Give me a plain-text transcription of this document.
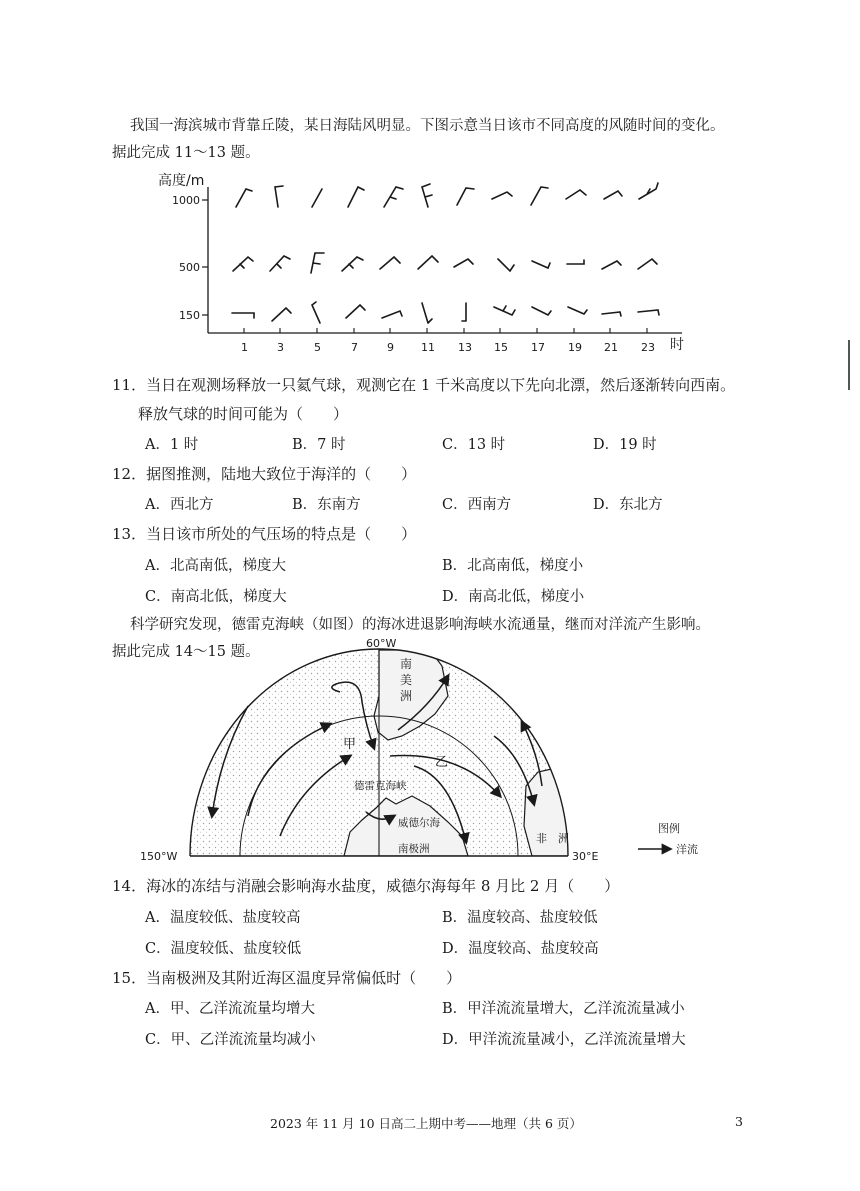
我国一海滨城市背靠丘陵，某日海陆风明显。下图示意当日该市不同高度的风随时间的变化。
据此完成 11～13 题。
高度/m
1000
500
150
1	3	5	7	9 11 13 15 17 19 21 23 时
11．当日在观测场释放一只氦气球，观测它在 1 千米高度以下先向北漂，然后逐渐转向西南。
释放气球的时间可能为（　　）
A．1 时	B．7 时	C．13 时	D．19 时
12．据图推测，陆地大致位于海洋的（　　）
A．西北方	B．东南方	C．西南方	D．东北方
13．当日该市所处的气压场的特点是（　　）
A．北高南低，梯度大	B．北高南低，梯度小
C．南高北低，梯度大	D．南高北低，梯度小
科学研究发现，德雷克海峡（如图）的海冰进退影响海峡水流通量，继而对洋流产生影响。
据此完成 14～15 题。
60°W
150°W	30°E
南
美
洲
甲
乙
德雷克海峡
威德尔海
南极洲
非　洲
图例
洋流
14．海冰的冻结与消融会影响海水盐度，威德尔海每年 8 月比 2 月（　　）
A．温度较低、盐度较高	B．温度较高、盐度较低
C．温度较低、盐度较低	D．温度较高、盐度较高
15．当南极洲及其附近海区温度异常偏低时（　　）
A．甲、乙洋流流量均增大	B．甲洋流流量增大，乙洋流流量减小
C．甲、乙洋流流量均减小	D．甲洋流流量减小，乙洋流流量增大
2023 年 11 月 10 日高二上期中考——地理（共 6 页）	3
